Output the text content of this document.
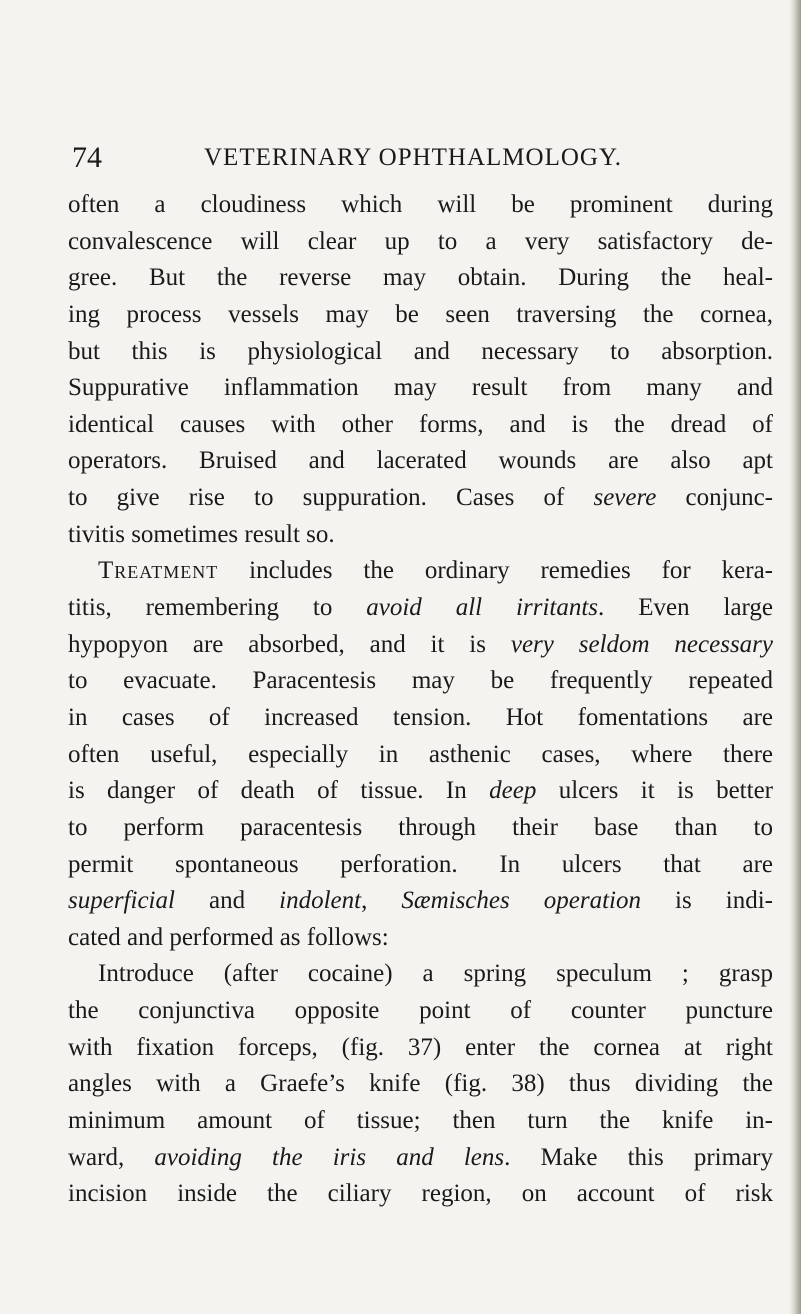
74	VETERINARY OPHTHALMOLOGY.
often a cloudiness which will be prominent during
convalescence will clear up to a very satisfactory de-
gree. But the reverse may obtain. During the heal-
ing process vessels may be seen traversing the cornea,
but this is physiological and necessary to absorption.
Suppurative inflammation may result from many and
identical causes with other forms, and is the dread of
operators. Bruised and lacerated wounds are also apt
to give rise to suppuration. Cases of severe conjunc-
tivitis sometimes result so.
Treatment includes the ordinary remedies for kera-
titis, remembering to avoid all irritants. Even large
hypopyon are absorbed, and it is very seldom necessary
to evacuate. Paracentesis may be frequently repeated
in cases of increased tension. Hot fomentations are
often useful, especially in asthenic cases, where there
is danger of death of tissue. In deep ulcers it is better
to perform paracentesis through their base than to
permit spontaneous perforation. In ulcers that are
superficial and indolent, Sæmisches operation is indi-
cated and performed as follows:
Introduce (after cocaine) a spring speculum ; grasp
the conjunctiva opposite point of counter puncture
with fixation forceps, (fig. 37) enter the cornea at right
angles with a Graefe’s knife (fig. 38) thus dividing the
minimum amount of tissue; then turn the knife in-
ward, avoiding the iris and lens. Make this primary
incision inside the ciliary region, on account of risk
